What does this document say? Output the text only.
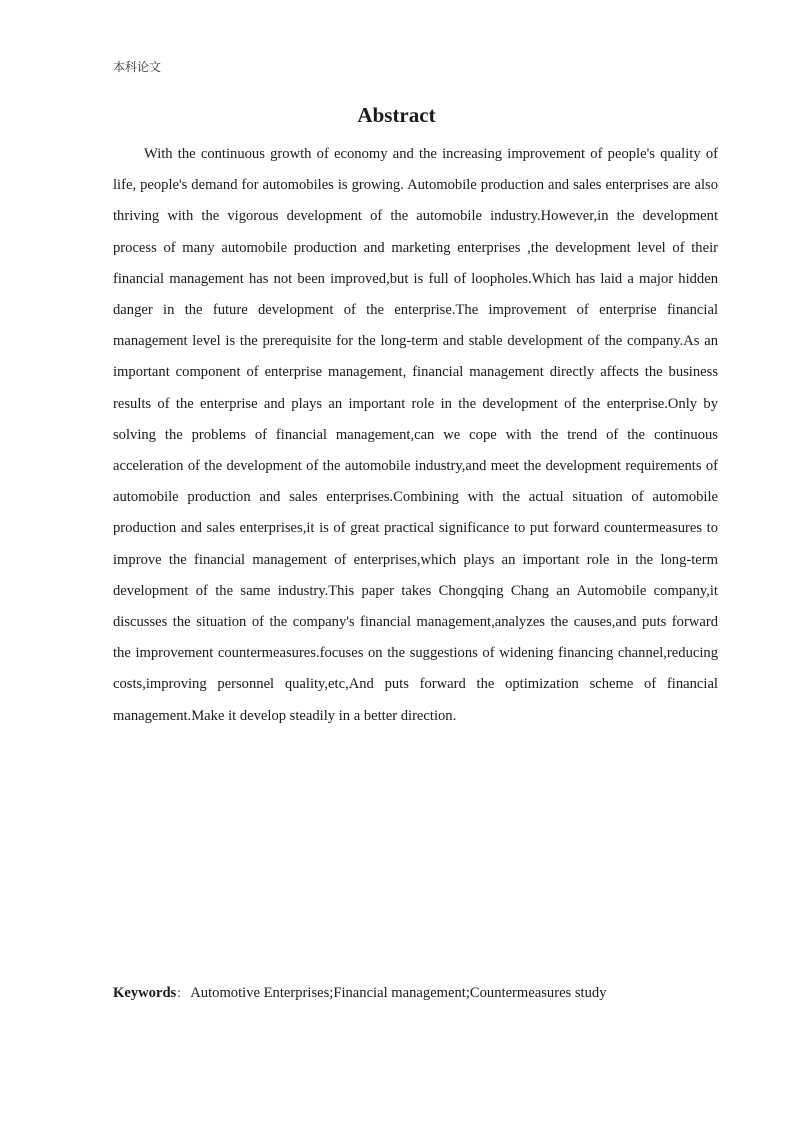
本科论文
Abstract

With the continuous growth of economy and the increasing improvement of people's quality of life, people's demand for automobiles is growing. Automobile production and sales enterprises are also thriving with the vigorous development of the automobile industry.However,in the development process of many automobile production and marketing enterprises ,the development level of their financial management has not been improved,but is full of loopholes.Which has laid a major hidden danger in the future development of the enterprise.The improvement of enterprise financial management level is the prerequisite for the long-term and stable development of the company.As an important component of enterprise management, financial management directly affects the business results of the enterprise and plays an important role in the development of the enterprise.Only by solving the problems of financial management,can we cope with the trend of the continuous acceleration of the development of the automobile industry,and meet the development requirements of automobile production and sales enterprises.Combining with the actual situation of automobile production and sales enterprises,it is of great practical significance to put forward countermeasures to improve the financial management of enterprises,which plays an important role in the long-term development of the same industry.This paper takes Chongqing Chang an Automobile company,it discusses the situation of the company's financial management,analyzes the causes,and puts forward the improvement countermeasures.focuses on the suggestions of widening financing channel,reducing costs,improving personnel quality,etc,And puts forward the optimization scheme of financial management.Make it develop steadily in a better direction.

Keywords： Automotive Enterprises;Financial management;Countermeasures study
